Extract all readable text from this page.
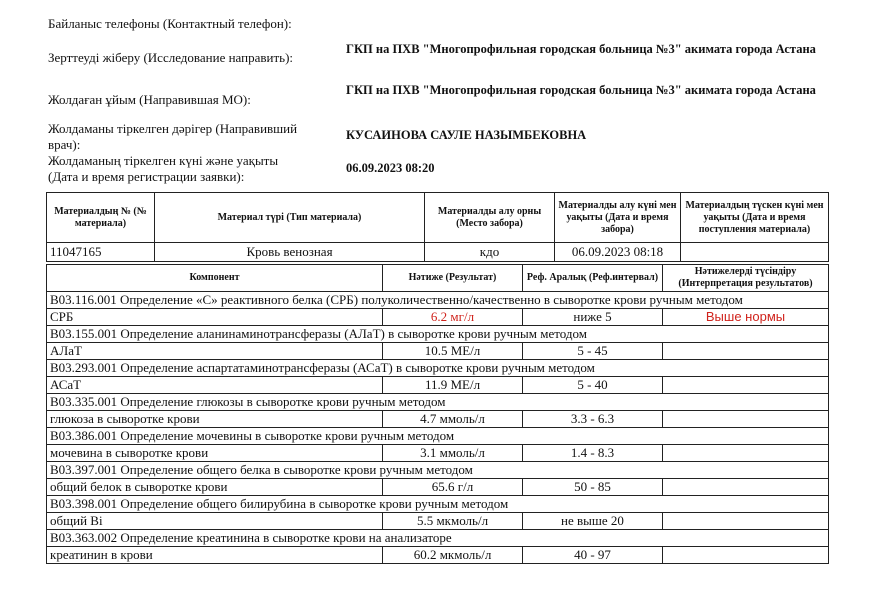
Байланыс телефоны (Контактный телефон):
Зерттеуді жіберу (Исследование направить):
ГКП на ПХВ "Многопрофильная городская больница №3" акимата города Астана
Жолдаған ұйым (Направившая МО):
ГКП на ПХВ "Многопрофильная городская больница №3" акимата города Астана
Жолдаманы тіркелген дәрігер (Направивший
врач):
КУСАИНОВА САУЛЕ НАЗЫМБЕКОВНА
Жолдаманың тіркелген күні және уақыты
(Дата и время регистрации заявки):
06.09.2023 08:20
Материалдың № (№ материала)	Материал түрі (Тип материала)	Материалды алу орны (Место забора)	Материалды алу күні мен уақыты (Дата и время забора)	Материалдың түскен күні мен уақыты (Дата и время поступления материала)
11047165	Кровь венозная	кдо	06.09.2023 08:18	
Компонент	Нәтиже (Результат)	Реф. Аралық (Реф.интервал)	Нәтижелерді түсіндіру (Интерпретация результатов)
B03.116.001 Определение «С» реактивного белка (СРБ) полуколичественно/качественно в сыворотке крови ручным методом			
СРБ	6.2 мг/л	ниже 5	Выше нормы
B03.155.001 Определение аланинаминотрансферазы (АЛаТ) в сыворотке крови ручным методом			
АЛаТ	10.5 МЕ/л	5 - 45	
B03.293.001 Определение аспартатаминотрансферазы (АСаТ) в сыворотке крови ручным методом			
АСаТ	11.9 МЕ/л	5 - 40	
B03.335.001 Определение глюкозы в сыворотке крови ручным методом			
глюкоза в сыворотке крови	4.7 ммоль/л	3.3 - 6.3	
B03.386.001 Определение мочевины в сыворотке крови ручным методом			
мочевина в сыворотке крови	3.1 ммоль/л	1.4 - 8.3	
B03.397.001 Определение общего белка в сыворотке крови ручным методом			
общий белок в сыворотке крови	65.6 г/л	50 - 85	
B03.398.001 Определение общего билирубина в сыворотке крови ручным методом			
общий Bi	5.5 мкмоль/л	не выше 20	
B03.363.002 Определение креатинина в сыворотке крови на анализаторе			
креатинин в крови	60.2 мкмоль/л	40 - 97	
